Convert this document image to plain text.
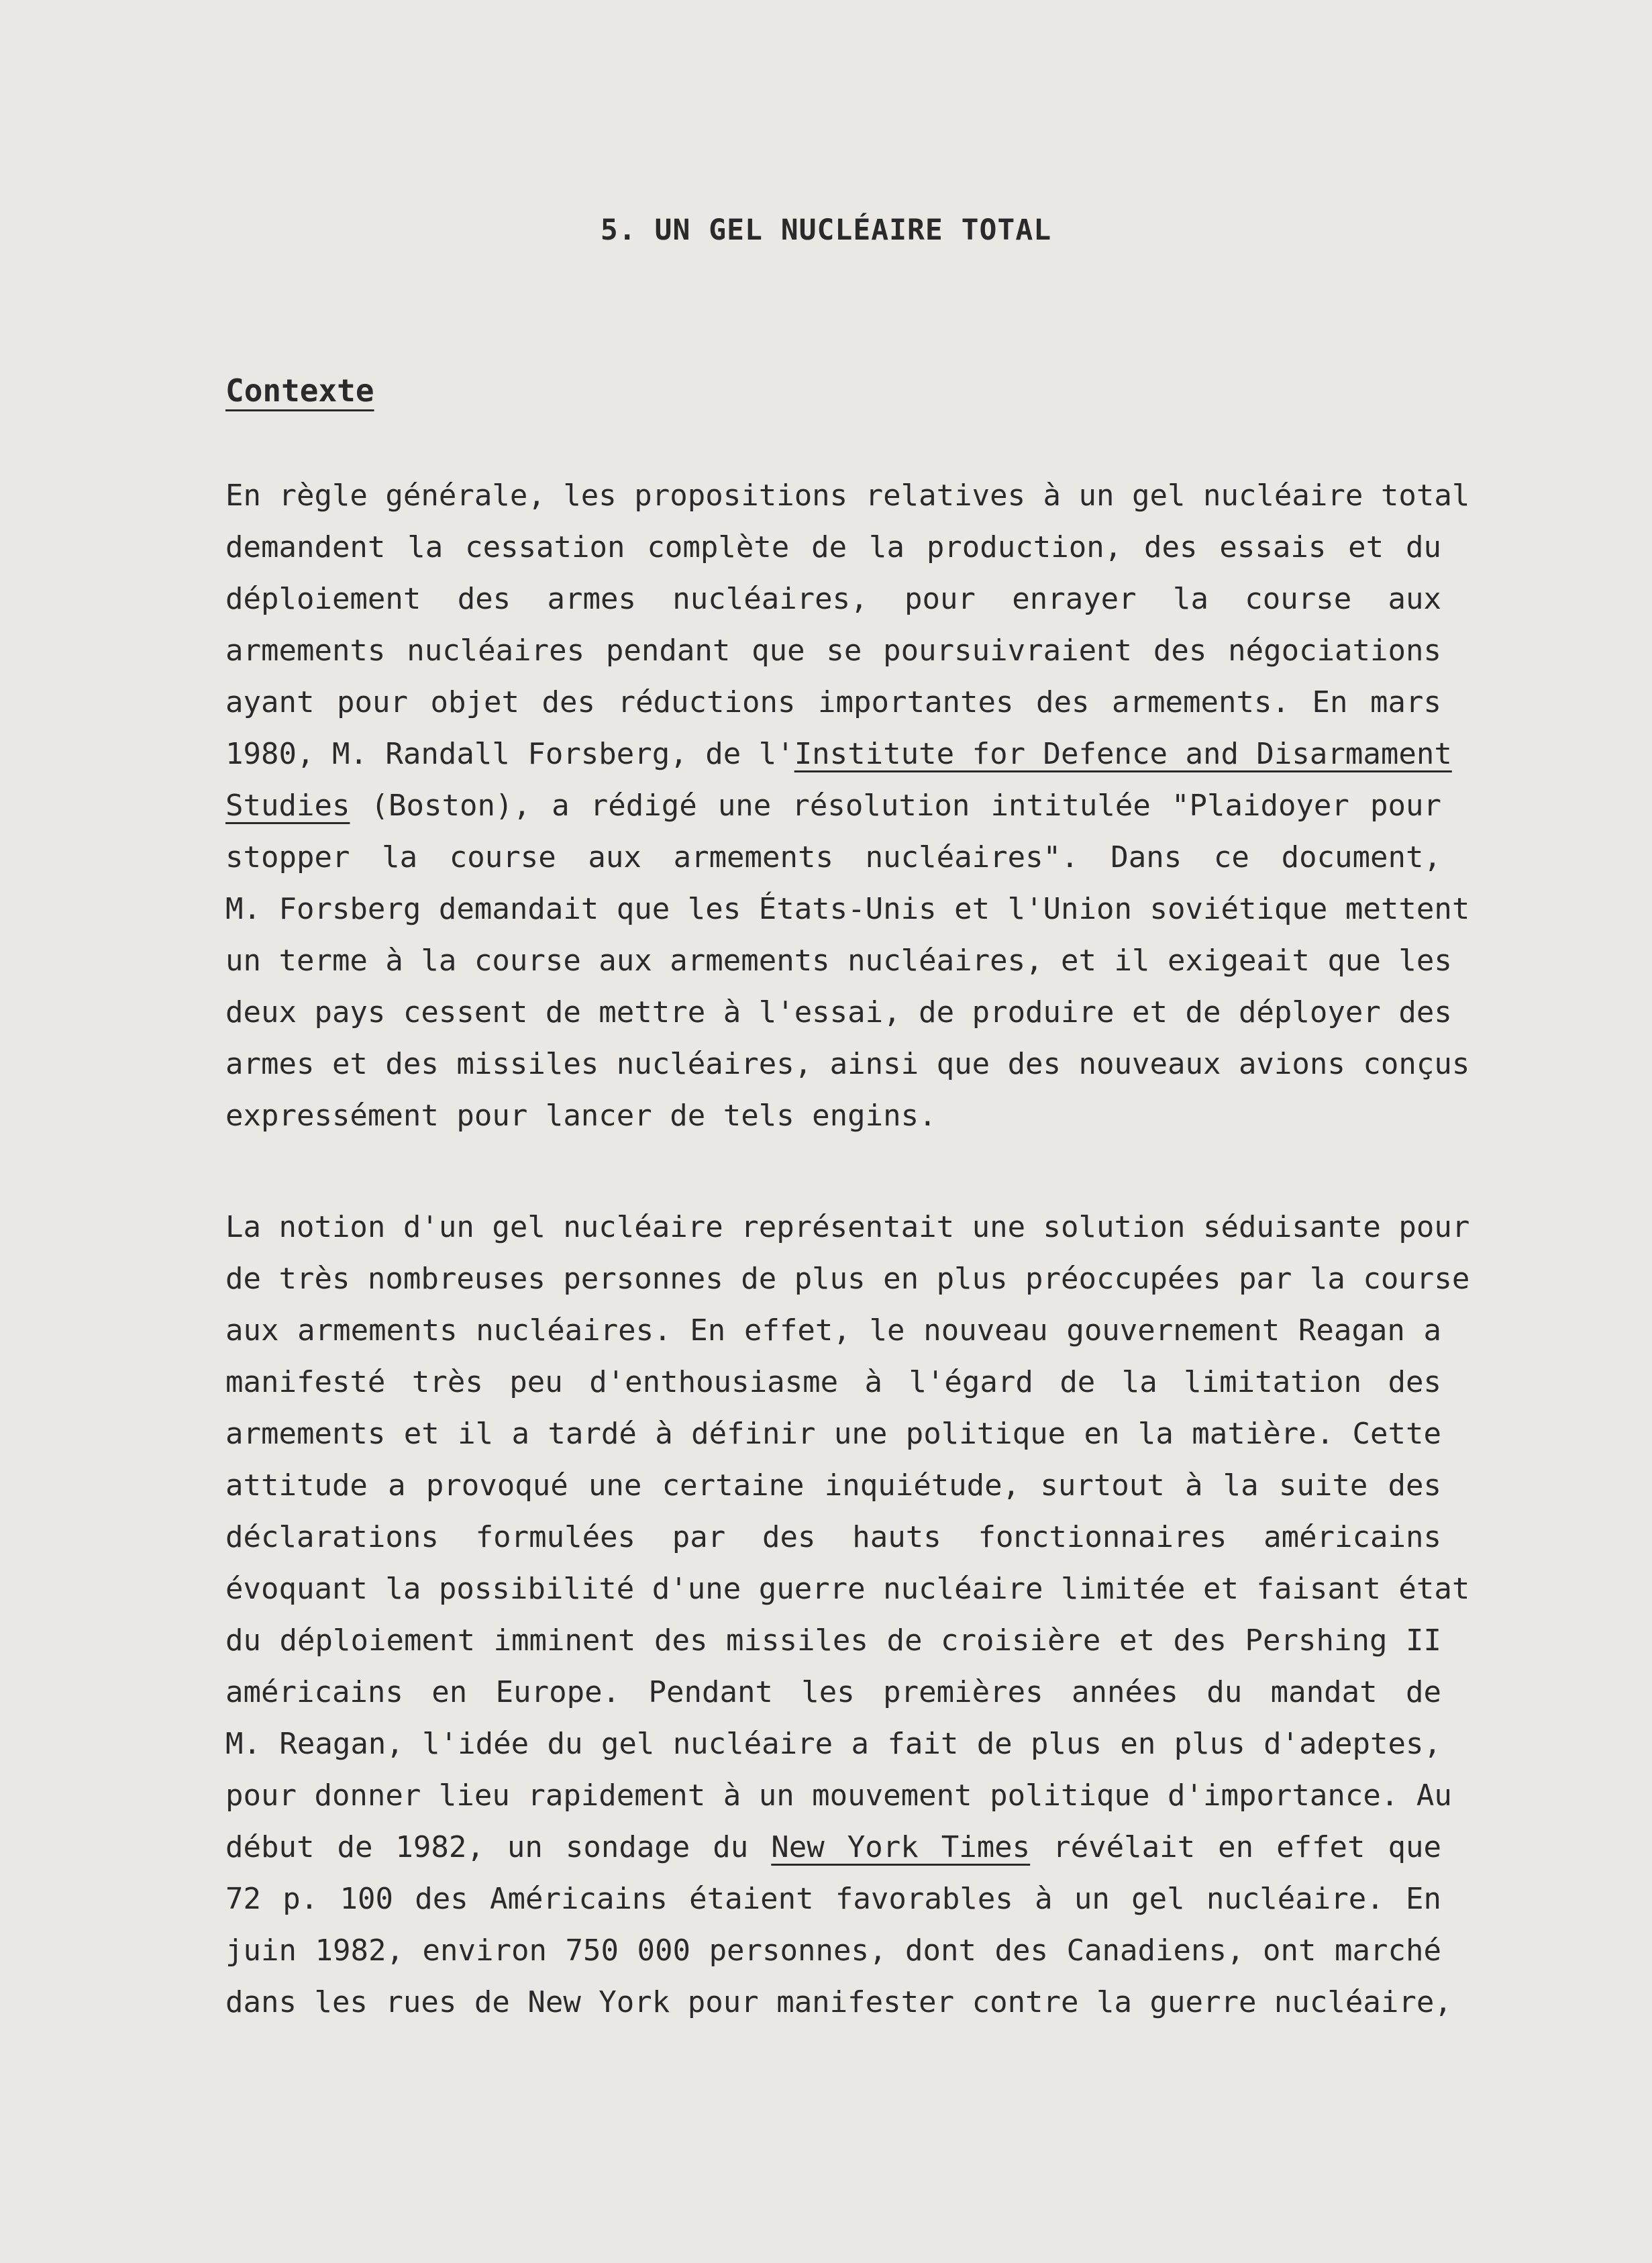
5. UN GEL NUCLÉAIRE TOTAL
Contexte
En règle générale, les propositions relatives à un gel nucléaire total
demandent la cessation complète de la production, des essais et du
déploiement des armes nucléaires, pour enrayer la course aux
armements nucléaires pendant que se poursuivraient des négociations
ayant pour objet des réductions importantes des armements. En mars
1980, M. Randall Forsberg, de l'Institute for Defence and Disarmament
Studies (Boston), a rédigé une résolution intitulée "Plaidoyer pour
stopper la course aux armements nucléaires". Dans ce document,
M. Forsberg demandait que les États-Unis et l'Union soviétique mettent
un terme à la course aux armements nucléaires, et il exigeait que les
deux pays cessent de mettre à l'essai, de produire et de déployer des
armes et des missiles nucléaires, ainsi que des nouveaux avions conçus
expressément pour lancer de tels engins.
La notion d'un gel nucléaire représentait une solution séduisante pour
de très nombreuses personnes de plus en plus préoccupées par la course
aux armements nucléaires. En effet, le nouveau gouvernement Reagan a
manifesté très peu d'enthousiasme à l'égard de la limitation des
armements et il a tardé à définir une politique en la matière. Cette
attitude a provoqué une certaine inquiétude, surtout à la suite des
déclarations formulées par des hauts fonctionnaires américains
évoquant la possibilité d'une guerre nucléaire limitée et faisant état
du déploiement imminent des missiles de croisière et des Pershing II
américains en Europe. Pendant les premières années du mandat de
M. Reagan, l'idée du gel nucléaire a fait de plus en plus d'adeptes,
pour donner lieu rapidement à un mouvement politique d'importance. Au
début de 1982, un sondage du New York Times révélait en effet que
72 p. 100 des Américains étaient favorables à un gel nucléaire. En
juin 1982, environ 750 000 personnes, dont des Canadiens, ont marché
dans les rues de New York pour manifester contre la guerre nucléaire,
